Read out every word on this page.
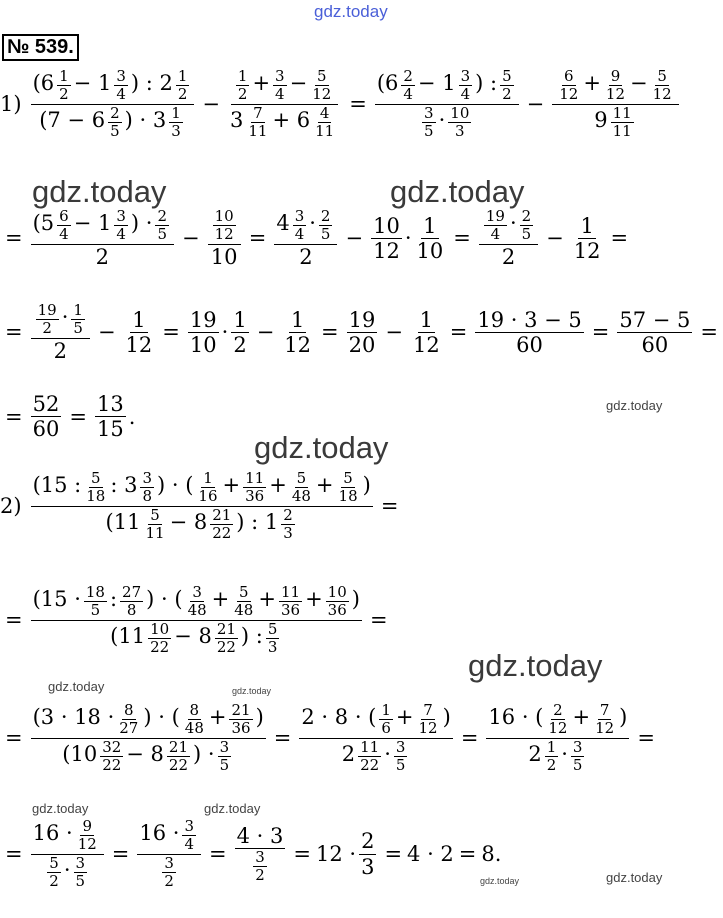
gdz.today
gdz.today	gdz.today
gdz.today
gdz.today
gdz.today
gdz.today	gdz.today
gdz.today	gdz.today
gdz.today	gdz.today
№ 539.
$1) \frac{(6 \frac{1}{2} - 1 \frac{3}{4} ) : 2 \frac{1}{2}}{(7 - 6 \frac{2}{5} ) \cdot 3 \frac{1}{3}} - \frac{\frac{1}{2} + \frac{3}{4} - \frac{5}{12}}{3 \frac{7}{11} + 6 \frac{4}{11}} = \frac{(6 \frac{2}{4} - 1 \frac{3}{4} ) : \frac{5}{2}}{\frac{3}{5} \cdot \frac{10}{3}} - \frac{\frac{6}{12} + \frac{9}{12} - \frac{5}{12}}{9 \frac{11}{11}}$
= $\frac{(5 \frac{6}{4} - 1 \frac{3}{4} ) \cdot \frac{2}{5}}{2} - \frac{\frac{10}{12}}{10} = \frac{4 \frac{3}{4} \cdot \frac{2}{5}}{2} - \frac{10}{12} \cdot \frac{1}{10} = \frac{\frac{19}{4} \cdot \frac{2}{5}}{2} - \frac{1}{12}$ =
= $\frac{\frac{19}{2} \cdot \frac{1}{5}}{2} - \frac{1}{12} = \frac{19}{10} \cdot \frac{1}{2} - \frac{1}{12} = \frac{19}{20} - \frac{1}{12} = \frac{19 \cdot 3 - 5}{60} = \frac{57 - 5}{60}$ =
= $\frac{52}{60} = \frac{13}{15}$ .
$2) \frac{(15 : \frac{5}{18} : 3 \frac{3}{8} ) \cdot ( \frac{1}{16} + \frac{11}{36} + \frac{5}{48} + \frac{5}{18} )}{(11 \frac{5}{11} - 8 \frac{21}{22} ) : 1 \frac{2}{3}}$ =
= $\frac{(15 \cdot \frac{18}{5} : \frac{27}{8} ) \cdot ( \frac{3}{48} + \frac{5}{48} + \frac{11}{36} + \frac{10}{36} )}{(11 \frac{10}{22} - 8 \frac{21}{22} ) : \frac{5}{3}}$ =
= $\frac{(3 \cdot 18 \cdot \frac{8}{27} ) \cdot ( \frac{8}{48} + \frac{21}{36} )}{(10 \frac{32}{22} - 8 \frac{21}{22} ) \cdot \frac{3}{5}} = \frac{2 \cdot 8 \cdot ( \frac{1}{6} + \frac{7}{12} )}{2 \frac{11}{22} \cdot \frac{3}{5}} = \frac{16 \cdot ( \frac{2}{12} + \frac{7}{12} )}{2 \frac{1}{2} \cdot \frac{3}{5}}$ =
= $\frac{16 \cdot \frac{9}{12}}{\frac{5}{2} \cdot \frac{3}{5}} = \frac{16 \cdot \frac{3}{4}}{\frac{3}{2}} = \frac{4 \cdot 3}{\frac{3}{2}} = 12 \cdot \frac{2}{3} = 4 \cdot 2 = 8$.
